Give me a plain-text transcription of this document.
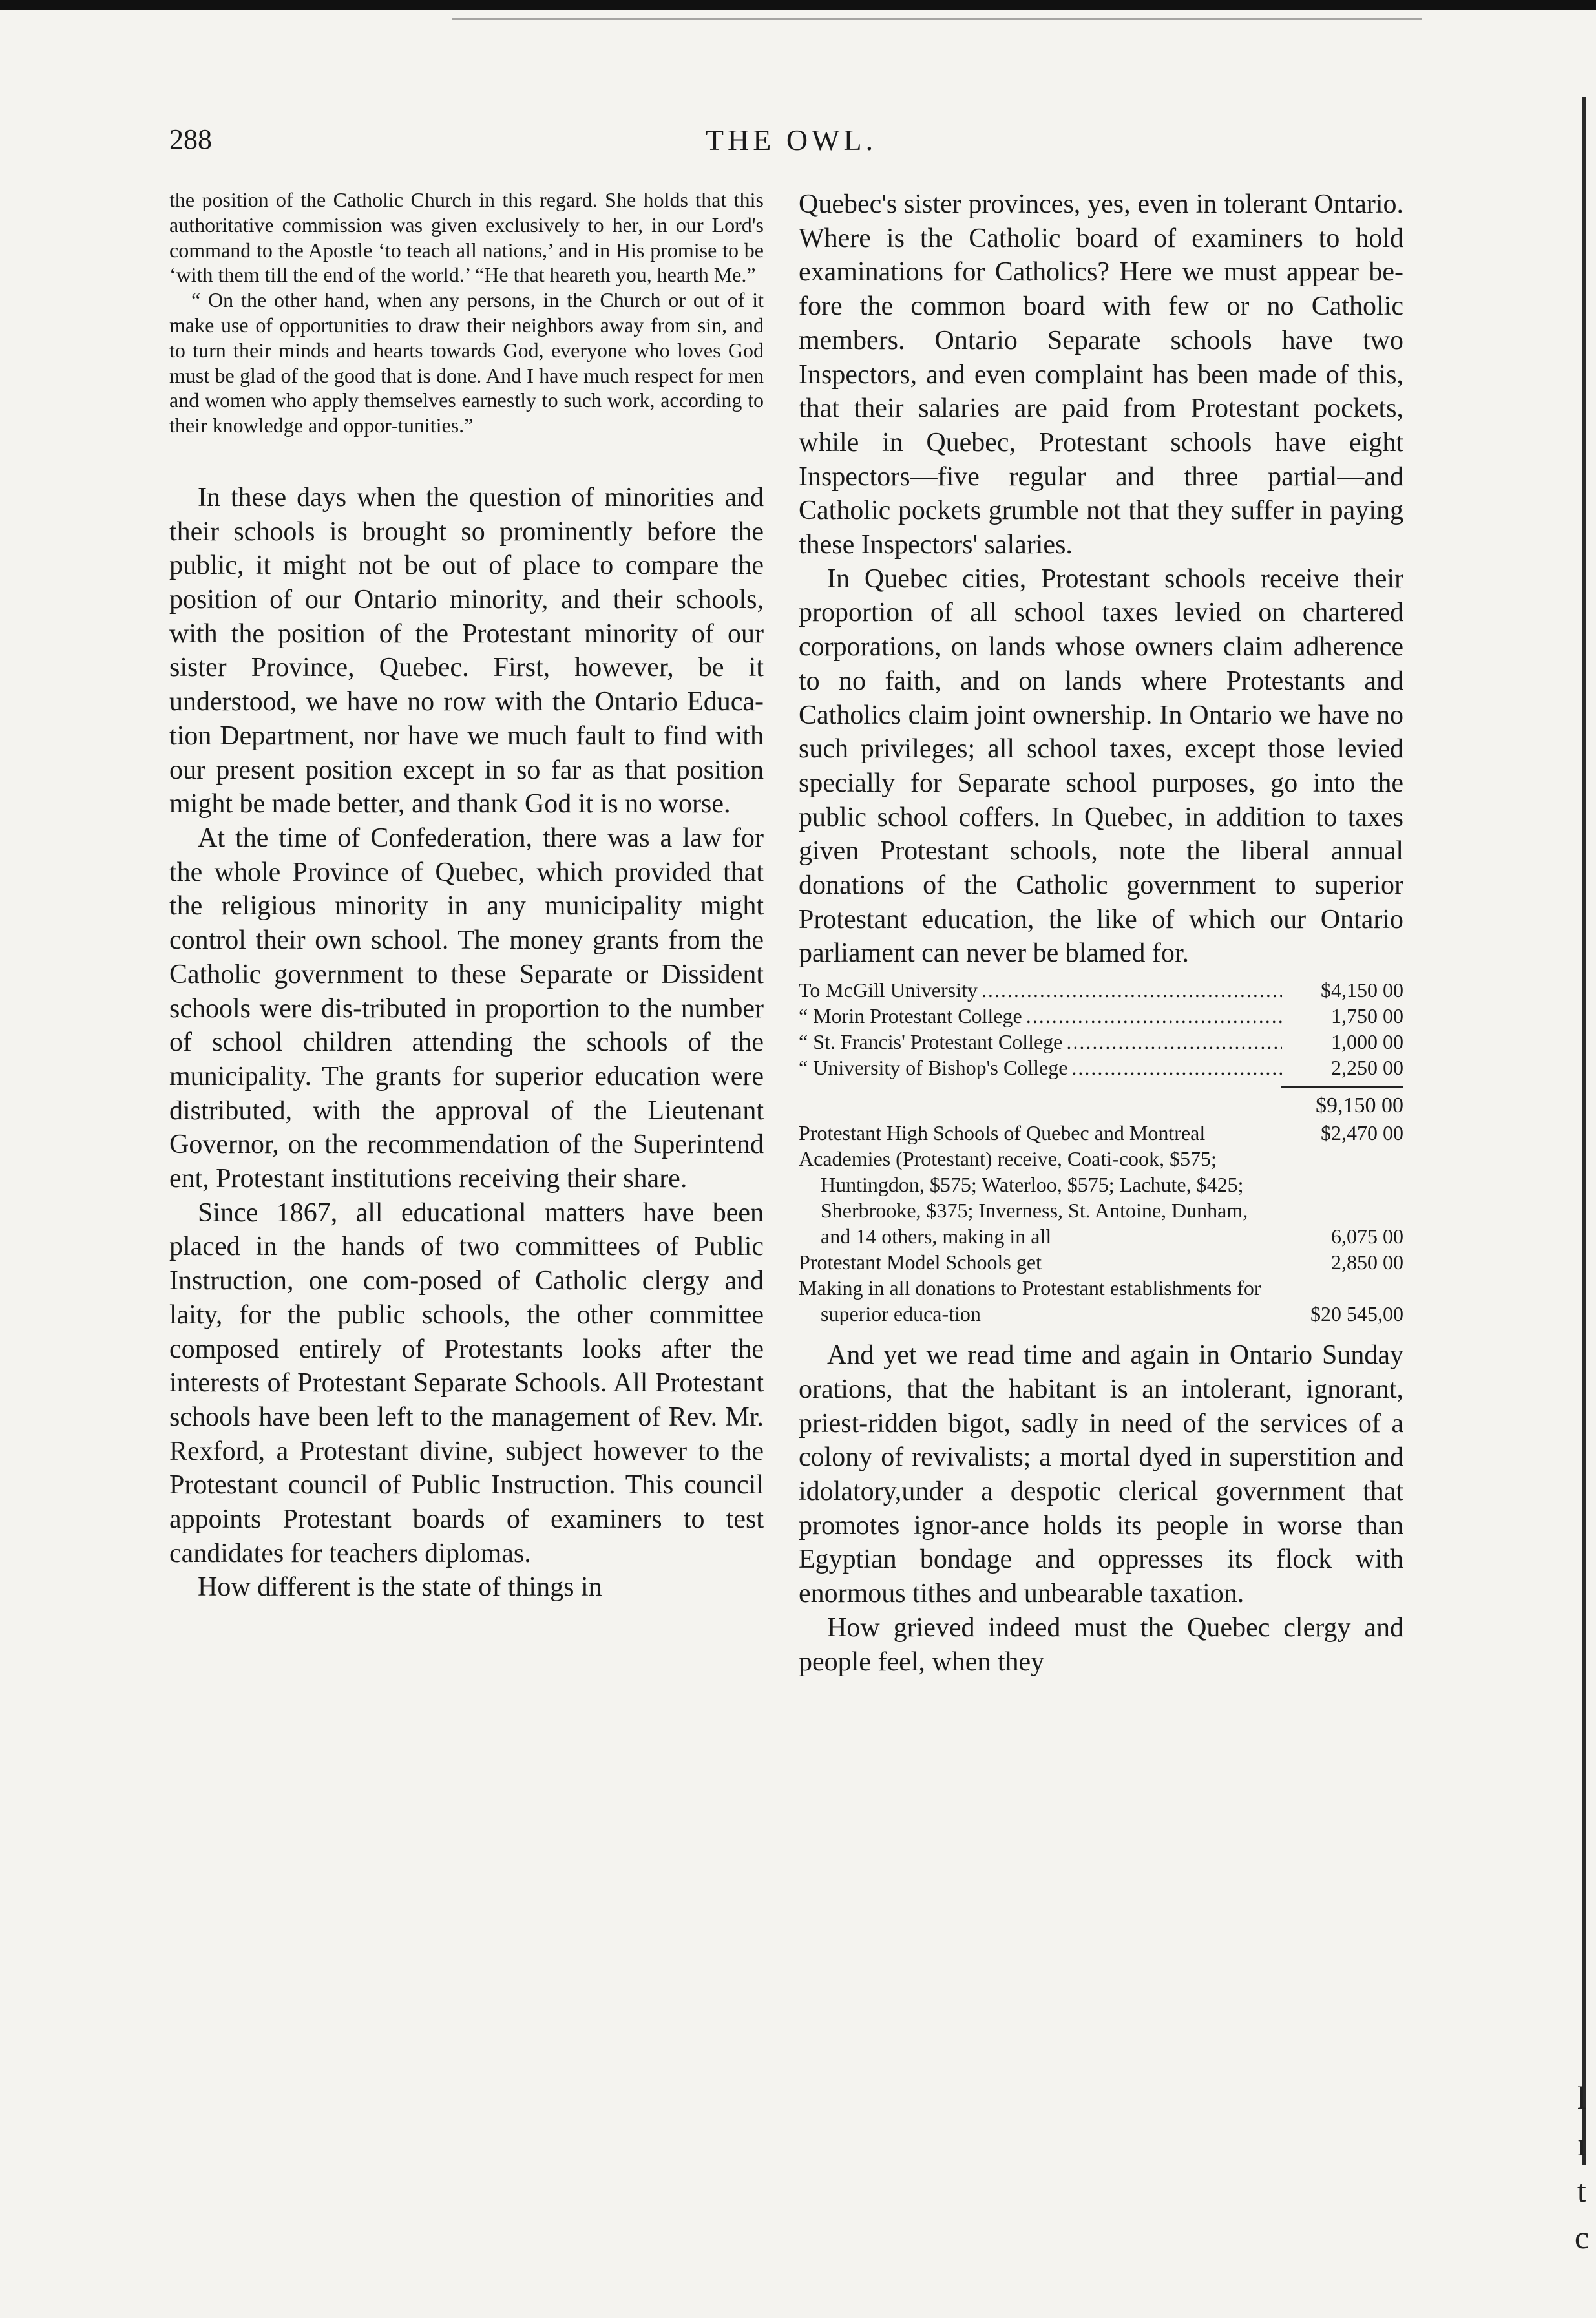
288	THE OWL.

the position of the Catholic Church in this regard. She holds that this authoritative commission was given exclusively to her, in our Lord's command to the Apostle ‘to teach all nations,’ and in His promise to be ‘with them till the end of the world.’ “He that heareth you, hearth Me.”

“ On the other hand, when any persons, in the Church or out of it make use of opportunities to draw their neighbors away from sin, and to turn their minds and hearts towards God, everyone who loves God must be glad of the good that is done. And I have much respect for men and women who apply themselves earnestly to such work, according to their knowledge and oppor-tunities.”

In these days when the question of minorities and their schools is brought so prominently before the public, it might not be out of place to compare the position of our Ontario minority, and their schools, with the position of the Protestant minority of our sister Province, Quebec. First, however, be it understood, we have no row with the Ontario Educa-tion Department, nor have we much fault to find with our present position except in so far as that position might be made better, and thank God it is no worse.

At the time of Confederation, there was a law for the whole Province of Quebec, which provided that the religious minority in any municipality might control their own school. The money grants from the Catholic government to these Separate or Dissident schools were dis-tributed in proportion to the number of school children attending the schools of the municipality. The grants for superior education were distributed, with the approval of the Lieutenant Governor, on the recommendation of the Superintend ent, Protestant institutions receiving their share.

Since 1867, all educational matters have been placed in the hands of two committees of Public Instruction, one com-posed of Catholic clergy and laity, for the public schools, the other committee composed entirely of Protestants looks after the interests of Protestant Separate Schools. All Protestant schools have been left to the management of Rev. Mr. Rexford, a Protestant divine, subject however to the Protestant council of Public Instruction. This council appoints Protestant boards of examiners to test candidates for teachers diplomas.

How different is the state of things in

Quebec's sister provinces, yes, even in tolerant Ontario. Where is the Catholic board of examiners to hold examinations for Catholics? Here we must appear be-fore the common board with few or no Catholic members. Ontario Separate schools have two Inspectors, and even complaint has been made of this, that their salaries are paid from Protestant pockets, while in Quebec, Protestant schools have eight Inspectors—five regular and three partial—and Catholic pockets grumble not that they suffer in paying these Inspectors' salaries.

In Quebec cities, Protestant schools receive their proportion of all school taxes levied on chartered corporations, on lands whose owners claim adherence to no faith, and on lands where Protestants and Catholics claim joint ownership. In Ontario we have no such privileges; all school taxes, except those levied specially for Separate school purposes, go into the public school coffers. In Quebec, in addition to taxes given Protestant schools, note the liberal annual donations of the Catholic government to superior Protestant education, the like of which our Ontario parliament can never be blamed for.

To McGill University .....	$4,150 00
“ Morin Protestant College .....	1,750 00
“ St. Francis' Protestant College .....	1,000 00
“ University of Bishop's College .....	2,250 00
$9,150 00
Protestant High Schools of Quebec and Montreal	$2,470 00
Academies (Protestant) receive, Coati-cook, $575; Huntingdon, $575; Waterloo, $575; Lachute, $425; Sherbrooke, $375; Inverness, St. Antoine, Dunham, and 14 others, making in all	6,075 00
Protestant Model Schools get	2,850 00
Making in all donations to Protestant establishments for superior educa-tion	$20 545,00

And yet we read time and again in Ontario Sunday orations, that the habitant is an intolerant, ignorant, priest-ridden bigot, sadly in need of the services of a colony of revivalists; a mortal dyed in superstition and idolatory,under a despotic clerical government that promotes ignor-ance holds its people in worse than Egyptian bondage and oppresses its flock with enormous tithes and unbearable taxation.

How grieved indeed must the Quebec clergy and people feel, when they

l
ı
t
c
